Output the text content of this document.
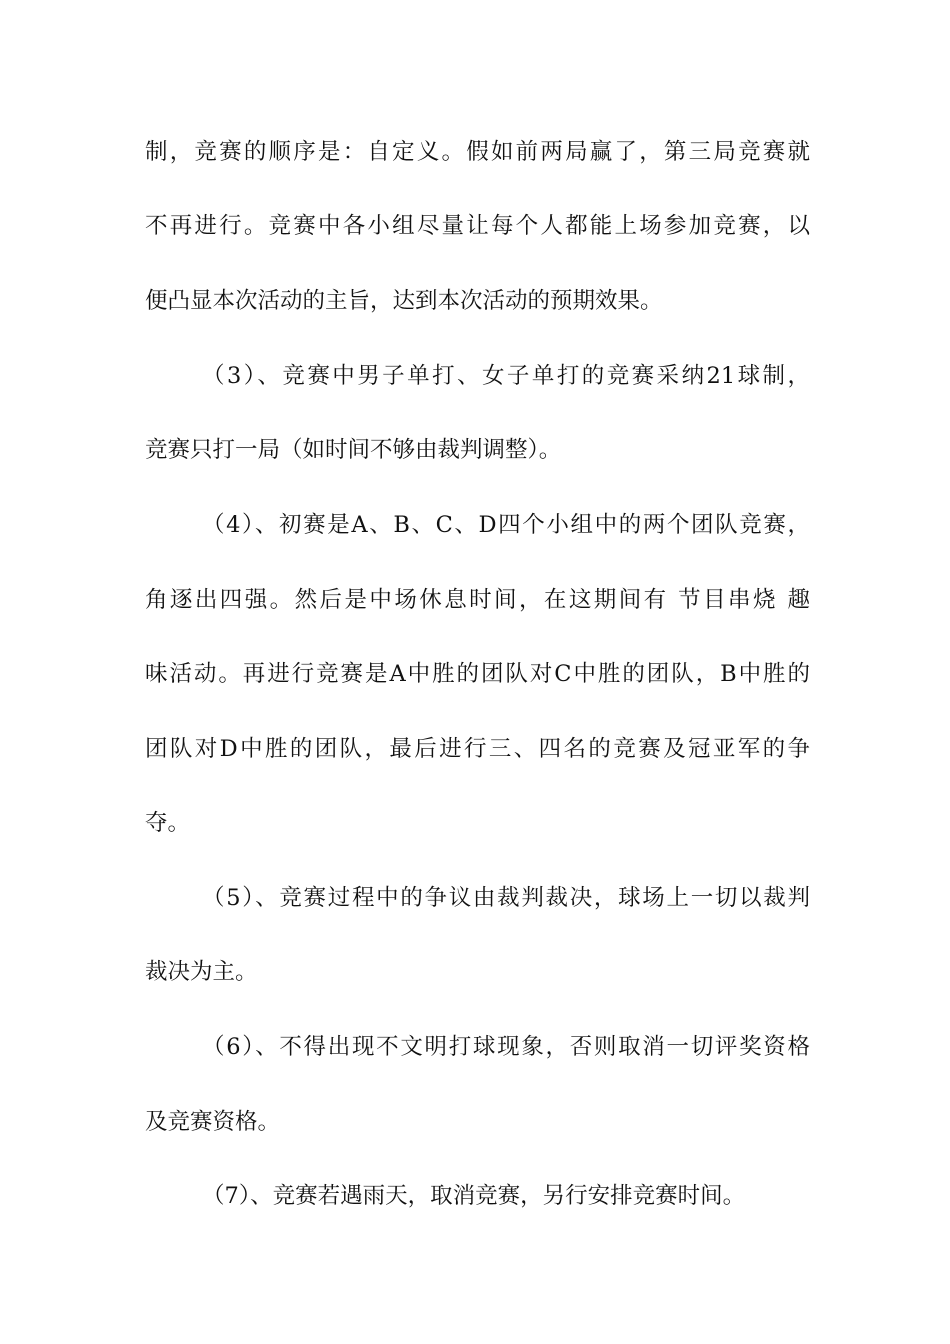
制，竞赛的顺序是：自定义。假如前两局赢了，第三局竞赛就
不再进行。竞赛中各小组尽量让每个人都能上场参加竞赛，以
便凸显本次活动的主旨，达到本次活动的预期效果。
（3）、竞赛中男子单打、女子单打的竞赛采纳21球制，
竞赛只打一局（如时间不够由裁判调整）。
（4）、初赛是A、B、C、D四个小组中的两个团队竞赛，
角逐出四强。然后是中场休息时间，在这期间有 节目串烧 趣
味活动。再进行竞赛是A中胜的团队对C中胜的团队，B中胜的
团队对D中胜的团队，最后进行三、四名的竞赛及冠亚军的争
夺。
（5）、竞赛过程中的争议由裁判裁决，球场上一切以裁判
裁决为主。
（6）、不得出现不文明打球现象，否则取消一切评奖资格
及竞赛资格。
（7）、竞赛若遇雨天，取消竞赛，另行安排竞赛时间。
